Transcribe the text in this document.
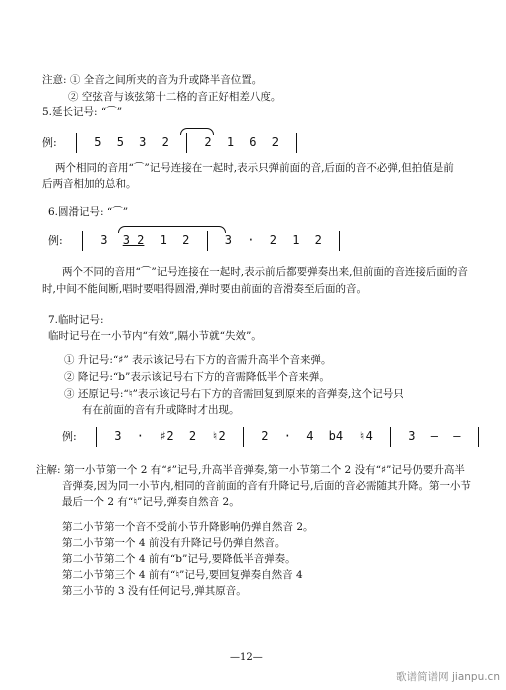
注意: ① 全音之间所夹的音为升或降半音位置。
② 空弦音与该弦第十二格的音正好相差八度。
5.延长记号: “⌒”
例:	5 5 3 2	2 1 6 2
两个相同的音用“⌒”记号连接在一起时,表示只弹前面的音,后面的音不必弹,但拍值是前
后两音相加的总和。
6.圆滑记号: “⌒”
例:	3 3 2 1 2	3 · 2 1 2
两个不同的音用“⌒”记号连接在一起时,表示前后都要弹奏出来,但前面的音连接后面的音
时,中间不能间断,唱时要唱得圆滑,弹时要由前面的音滑奏至后面的音。
7.临时记号:
临时记号在一小节内“有效”,隔小节就“失效”。
① 升记号:“♯” 表示该记号右下方的音需升高半个音来弹。
② 降记号:“b”表示该记号右下方的音需降低半个音来弹。
③ 还原记号:“♮”表示该记号右下方的音需回复到原来的音弹奏,这个记号只
有在前面的音有升或降时才出现。
例:	3 · ♯2 2 ♮2	2 · 4 b4 ♮4	3 — —
注解: 第一小节第一个 2 有“♯”记号,升高半音弹奏,第一小节第二个 2 没有“♯”记号仍要升高半
音弹奏,因为同一小节内,相同的音前面的音有升降记号,后面的音必需随其升降。第一小节
最后一个 2 有“♮”记号,弹奏自然音 2。
第二小节第一个音不受前小节升降影响仍弹自然音 2。
第二小节第一个 4 前没有升降记号仍弹自然音。
第二小节第二个 4 前有“b”记号,要降低半音弹奏。
第二小节第三个 4 前有“♮”记号,要回复弹奏自然音 4
第三小节的 3 没有任何记号,弹其原音。
—12—
歌谱简谱网 jianpu.cn
